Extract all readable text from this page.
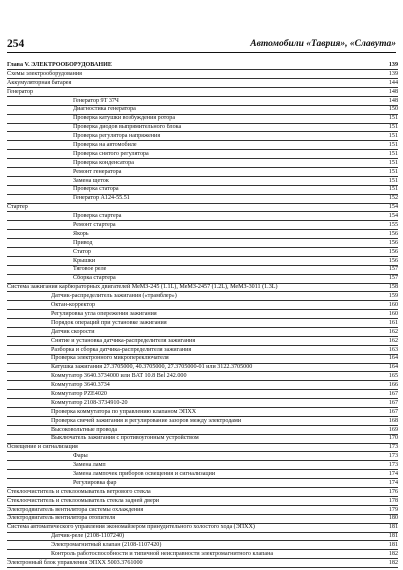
254	Автомобили «Таврия», «Славута»
Глава V. ЭЛЕКТРООБОРУДОВАНИЕ	139
Схемы электрооборудования	139
Аккумуляторная батарея	144
Генератор	148
Генератор 9Т 37Ч	148
Диагностика генератора	150
Проверка катушки возбуждения ротора	151
Проверка диодов выпрямительного блока	151
Проверка регулятора напряжения	151
Проверка на автомобиле	151
Проверка снятого регулятора	151
Проверка конденсатора	151
Ремонт генератора	151
Замена щеток	151
Проверка статора	151
Генератор А124-55.51	152
Стартер	154
Проверка стартера	154
Ремонт стартера	155
Якорь	156
Привод	156
Статор	156
Крышки	156
Тяговое реле	157
Сборка стартера	157
Система зажигания карбюраторных двигателей МеМЗ-245 (1.1L), МеМЗ-2457 (1.2L), МеМЗ-3011 (1.3L)	158
Датчик-распределитель зажигания («трамблер»)	159
Октан-корректор	160
Регулировка угла опережения зажигания	160
Порядок операций при установке зажигания	161
Датчик скорости	162
Снятие и установка датчика-распределителя зажигания	162
Разборка и сборка датчика-распределителя зажигания	163
Проверка электронного микропереключателя	164
Катушка зажигания 27.3705000, 40.3705000, 27.3705000-01 или 3122.3705000	164
Коммутатор 3640.3734000 или BAT 10.8 Bel 242.000	165
Коммутатор 3640.3734	166
Коммутатор PZE4020	167
Коммутатор 2108-3734910-20	167
Проверка коммутатора по управлению клапаном ЭПХХ	167
Проверка свечей зажигания и регулирование зазоров между электродами	168
Высоковольтные провода	169
Выключатель зажигания с противоугонным устройством	170
Освещение и сигнализация	173
Фары	173
Замена ламп	173
Замена лампочек приборов освещения и сигнализации	174
Регулировка фар	174
Стеклоочиститель и стеклоомыватель ветрового стекла	176
Стеклоочиститель и стеклоомыватель стекла задней двери	178
Электродвигатель вентилятора системы охлаждения	179
Электродвигатель вентилятора отопителя	180
Система автоматического управления экономайзером принудительного холостого хода (ЭПХХ)	181
Датчик-реле (2108-1107240)	181
Электромагнитный клапан (2108-1107420)	181
Контроль работоспособности и типичной неисправности электромагнитного клапана	182
Электронный блок управления ЭПХХ 5003.3761000	182
